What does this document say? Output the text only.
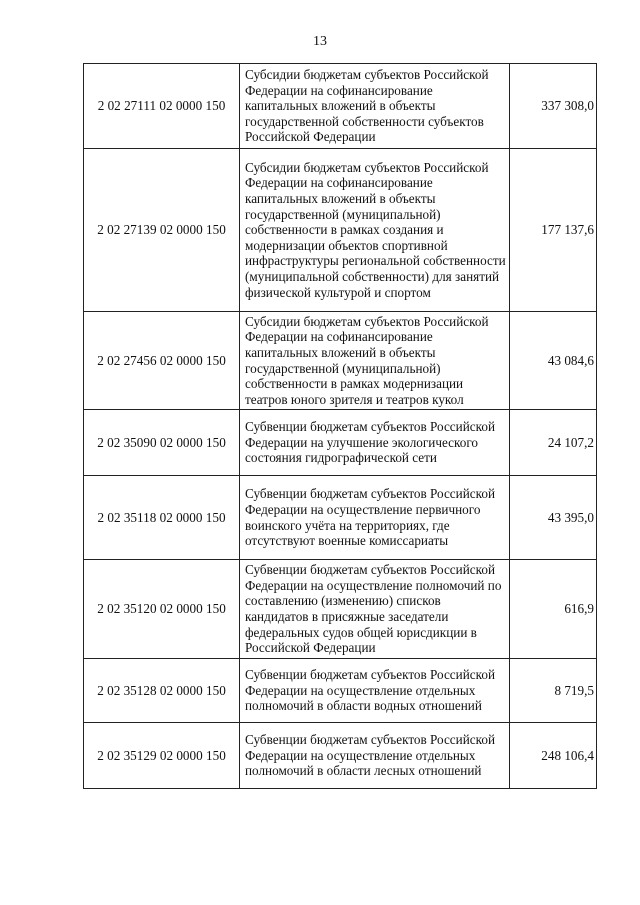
13
2 02 27111 02 0000 150	Субсидии бюджетам субъектов Российской Федерации на софинансирование капитальных вложений в объекты государственной собственности субъектов Российской Федерации	337 308,0
2 02 27139 02 0000 150	Субсидии бюджетам субъектов Российской Федерации на софинансирование капитальных вложений в объекты государственной (муниципальной) собственности в рамках создания и модернизации объектов спортивной инфраструктуры региональной собственности (муниципальной собственности) для занятий физической культурой и спортом	177 137,6
2 02 27456 02 0000 150	Субсидии бюджетам субъектов Российской Федерации на софинансирование капитальных вложений в объекты государственной (муниципальной) собственности в рамках модернизации театров юного зрителя и театров кукол	43 084,6
2 02 35090 02 0000 150	Субвенции бюджетам субъектов Российской Федерации на улучшение экологического состояния гидрографической сети	24 107,2
2 02 35118 02 0000 150	Субвенции бюджетам субъектов Российской Федерации на осуществление первичного воинского учёта на территориях, где отсутствуют военные комиссариаты	43 395,0
2 02 35120 02 0000 150	Субвенции бюджетам субъектов Российской Федерации на осуществление полномочий по составлению (изменению) списков кандидатов в присяжные заседатели федеральных судов общей юрисдикции в Российской Федерации	616,9
2 02 35128 02 0000 150	Субвенции бюджетам субъектов Российской Федерации на осуществление отдельных полномочий в области водных отношений	8 719,5
2 02 35129 02 0000 150	Субвенции бюджетам субъектов Российской Федерации на осуществление отдельных полномочий в области лесных отношений	248 106,4
